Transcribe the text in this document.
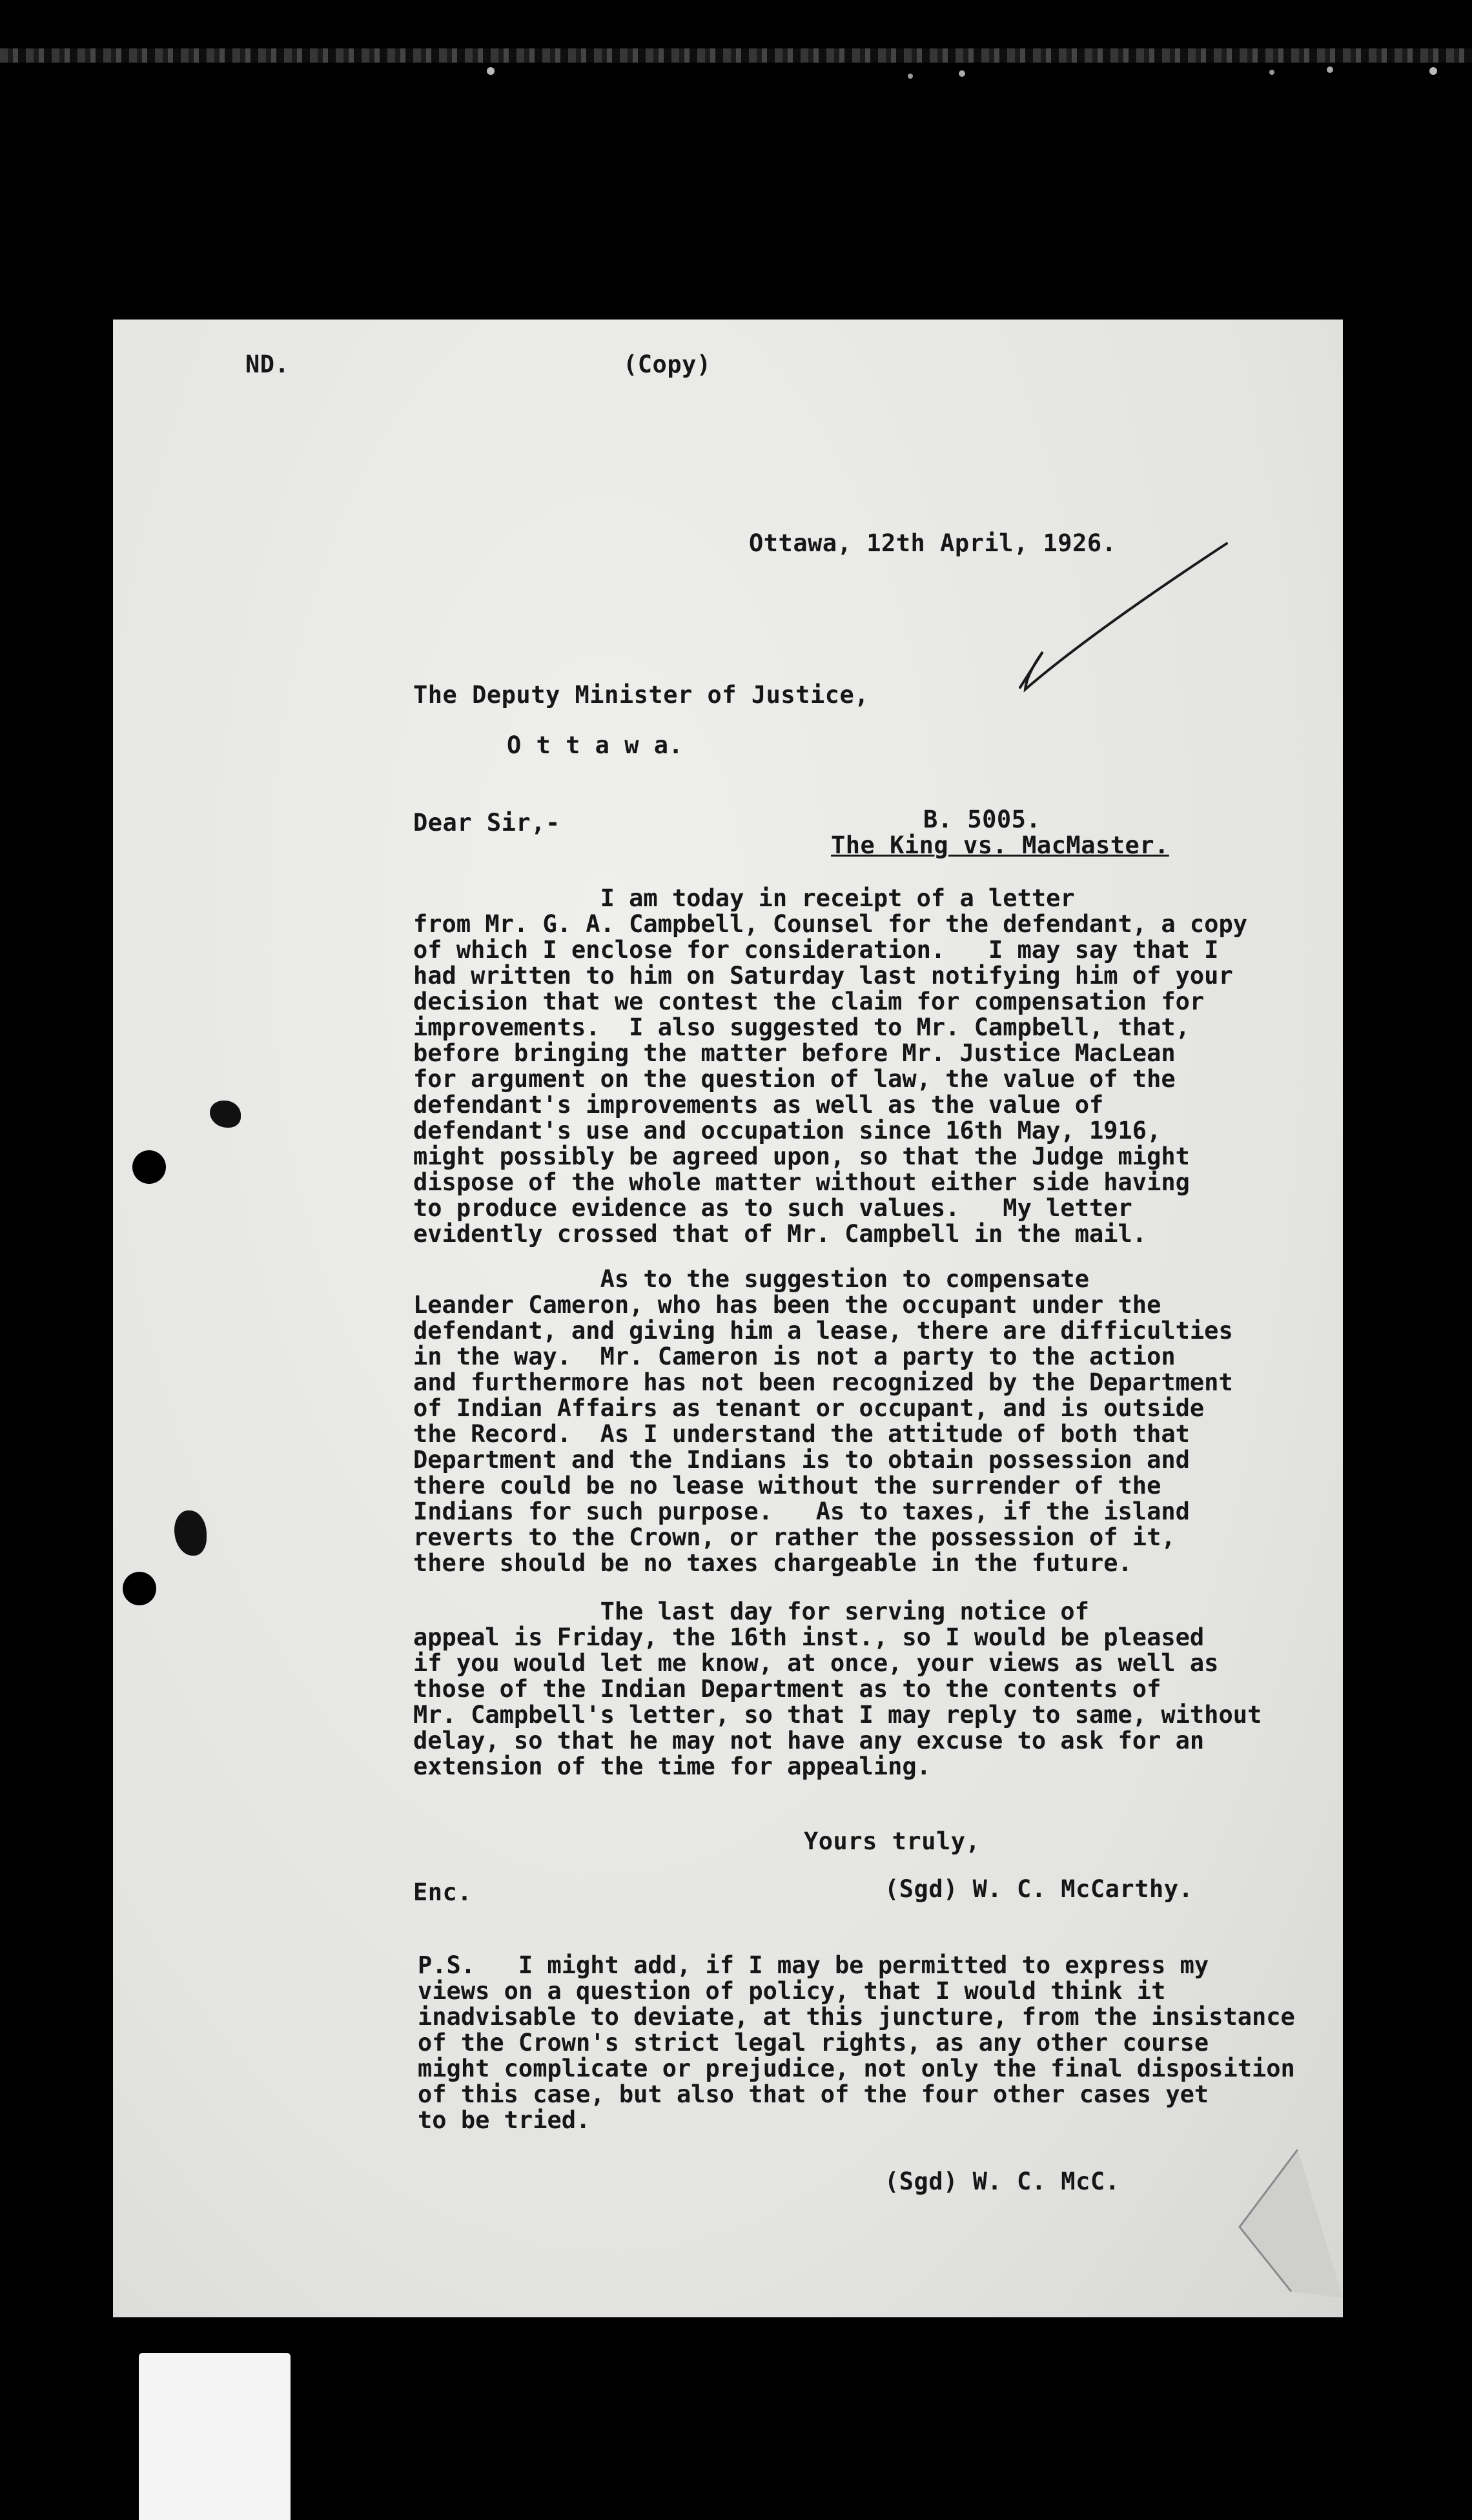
ND.	(Copy)
Ottawa, 12th April, 1926.
The Deputy Minister of Justice,
O t t a w a.
Dear Sir,-	B. 5005.
The King vs. MacMaster.
I am today in receipt of a letter
from Mr. G. A. Campbell, Counsel for the defendant, a copy
of which I enclose for consideration.   I may say that I
had written to him on Saturday last notifying him of your
decision that we contest the claim for compensation for
improvements.  I also suggested to Mr. Campbell, that,
before bringing the matter before Mr. Justice MacLean
for argument on the question of law, the value of the
defendant's improvements as well as the value of
defendant's use and occupation since 16th May, 1916,
might possibly be agreed upon, so that the Judge might
dispose of the whole matter without either side having
to produce evidence as to such values.   My letter
evidently crossed that of Mr. Campbell in the mail.
As to the suggestion to compensate
Leander Cameron, who has been the occupant under the
defendant, and giving him a lease, there are difficulties
in the way.  Mr. Cameron is not a party to the action
and furthermore has not been recognized by the Department
of Indian Affairs as tenant or occupant, and is outside
the Record.  As I understand the attitude of both that
Department and the Indians is to obtain possession and
there could be no lease without the surrender of the
Indians for such purpose.   As to taxes, if the island
reverts to the Crown, or rather the possession of it,
there should be no taxes chargeable in the future.
The last day for serving notice of
appeal is Friday, the 16th inst., so I would be pleased
if you would let me know, at once, your views as well as
those of the Indian Department as to the contents of
Mr. Campbell's letter, so that I may reply to same, without
delay, so that he may not have any excuse to ask for an
extension of the time for appealing.
Yours truly,
Enc.	(Sgd) W. C. McCarthy.
P.S.   I might add, if I may be permitted to express my
views on a question of policy, that I would think it
inadvisable to deviate, at this juncture, from the insistance
of the Crown's strict legal rights, as any other course
might complicate or prejudice, not only the final disposition
of this case, but also that of the four other cases yet
to be tried.
(Sgd) W. C. McC.
